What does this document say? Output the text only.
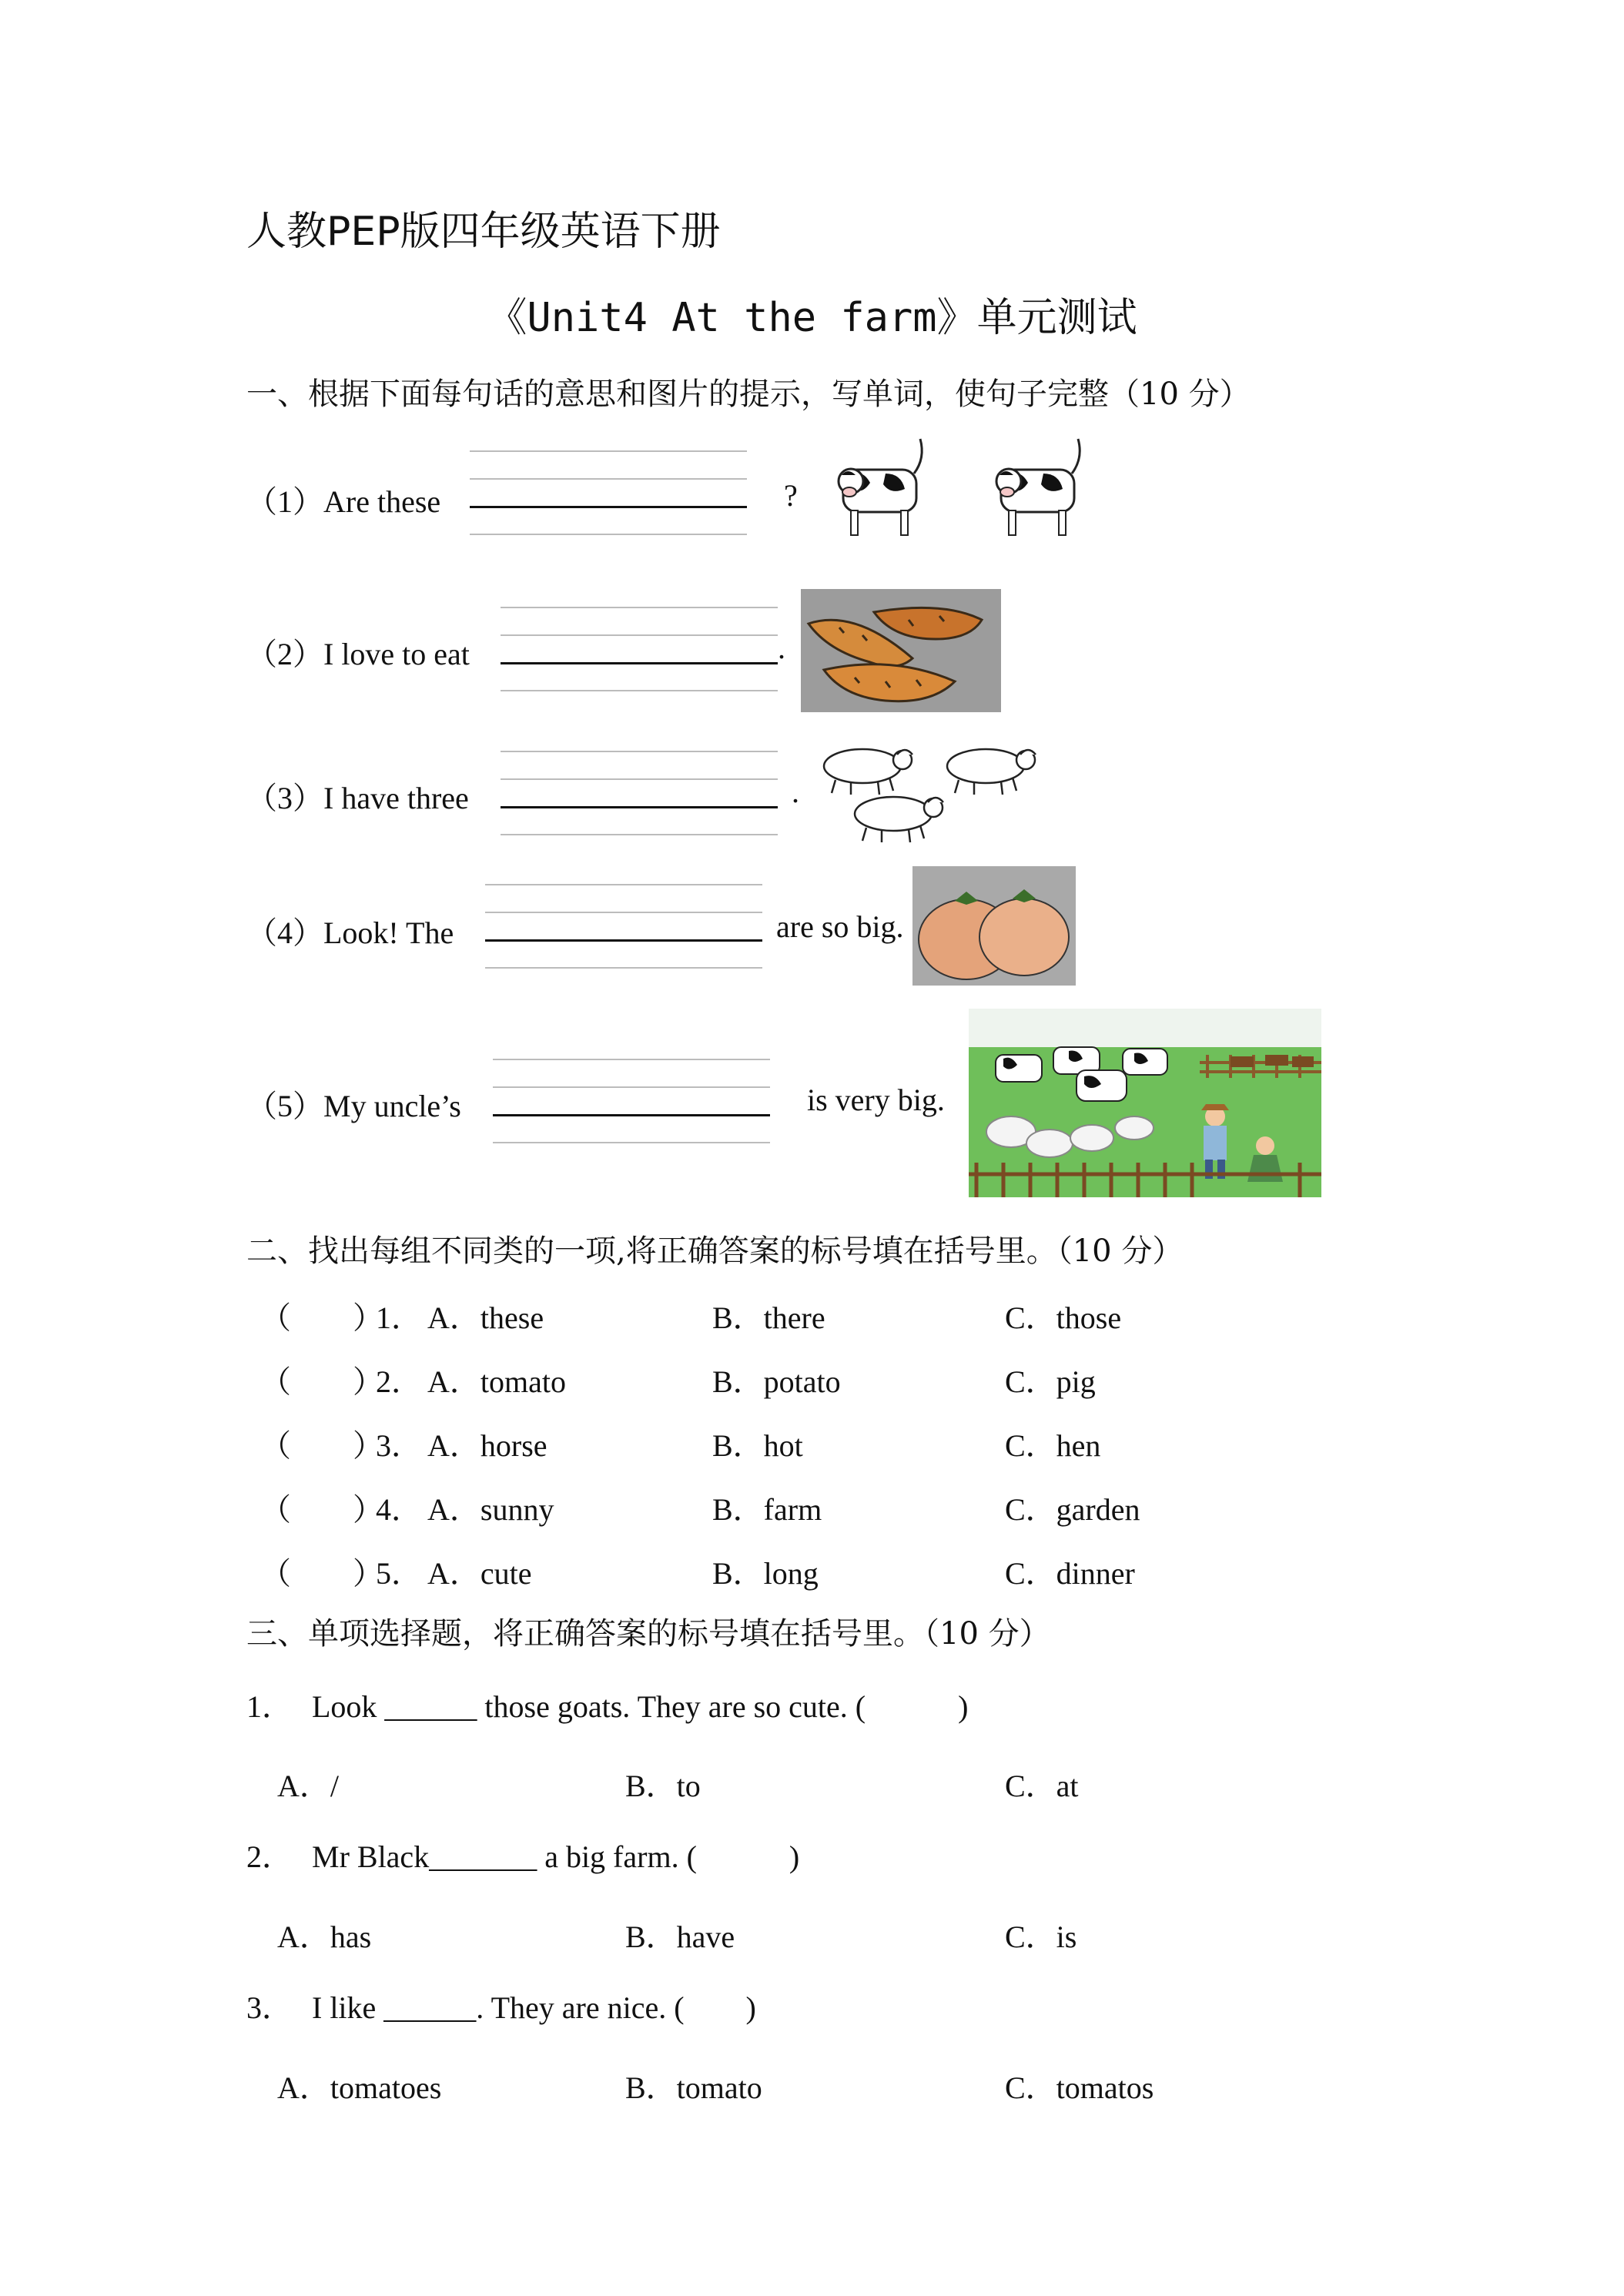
人教PEP版四年级英语下册
《Unit4 At the farm》单元测试
一、根据下面每句话的意思和图片的提示，写单词，使句子完整（10 分）
（1）Are these	?
（2）I love to eat	.
（3）I have three	.
（4）Look! The	are so big.
（5）My uncle’s	is very big.
二、找出每组不同类的一项,将正确答案的标号填在括号里。（10 分）
（　　）
1． A．these	B．there	C．those
（　　）
2． A．tomato	B．potato	C．pig
（　　）
3． A．horse	B．hot	C．hen
（　　）
4． A．sunny	B．farm	C．garden
（　　）
5． A．cute	B．long	C．dinner
三、单项选择题，将正确答案的标号填在括号里。（10 分）
1． Look ______ those goats. They are so cute. (　　　)
A．/	B．to	C．at
2． Mr Black_______ a big farm. (　　　)
A．has	B．have	C．is
3． I like ______. They are nice. (　　)
A．tomatoes	B．tomato	C．tomatos
